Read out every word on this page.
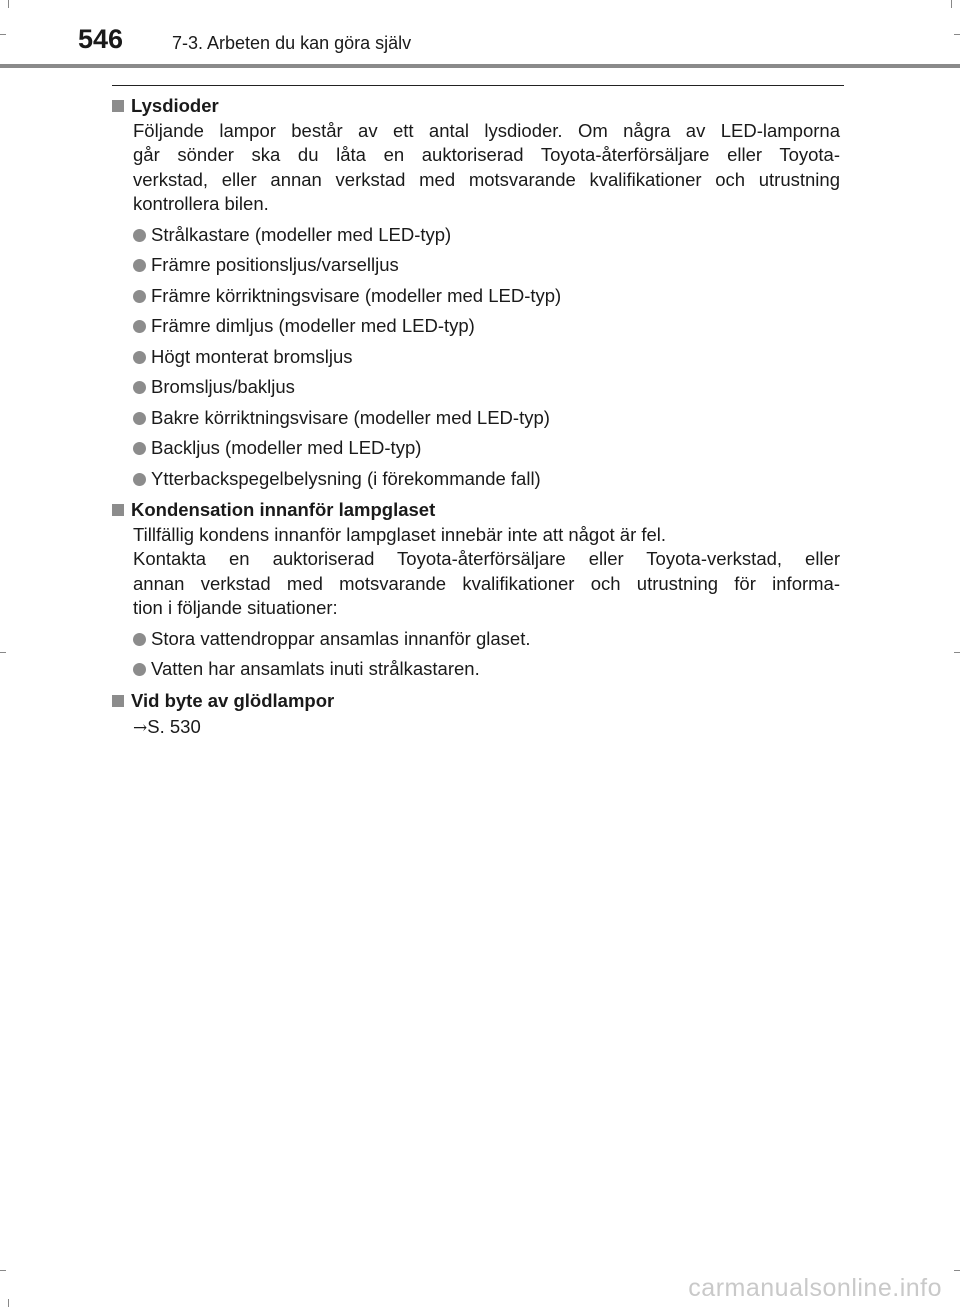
546	7-3. Arbeten du kan göra själv
Lysdioder
Följande lampor består av ett antal lysdioder. Om några av LED-lamporna
går sönder ska du låta en auktoriserad Toyota-återförsäljare eller Toyota-
verkstad, eller annan verkstad med motsvarande kvalifikationer och utrustning
kontrollera bilen.
Strålkastare (modeller med LED-typ)
Främre positionsljus/varselljus
Främre körriktningsvisare (modeller med LED-typ)
Främre dimljus (modeller med LED-typ)
Högt monterat bromsljus
Bromsljus/bakljus
Bakre körriktningsvisare (modeller med LED-typ)
Backljus (modeller med LED-typ)
Ytterbackspegelbelysning (i förekommande fall)
Kondensation innanför lampglaset
Tillfällig kondens innanför lampglaset innebär inte att något är fel.
Kontakta en auktoriserad Toyota-återförsäljare eller Toyota-verkstad, eller
annan verkstad med motsvarande kvalifikationer och utrustning för informa-
tion i följande situationer:
Stora vattendroppar ansamlas innanför glaset.
Vatten har ansamlats inuti strålkastaren.
Vid byte av glödlampor
→S. 530
carmanualsonline.info
